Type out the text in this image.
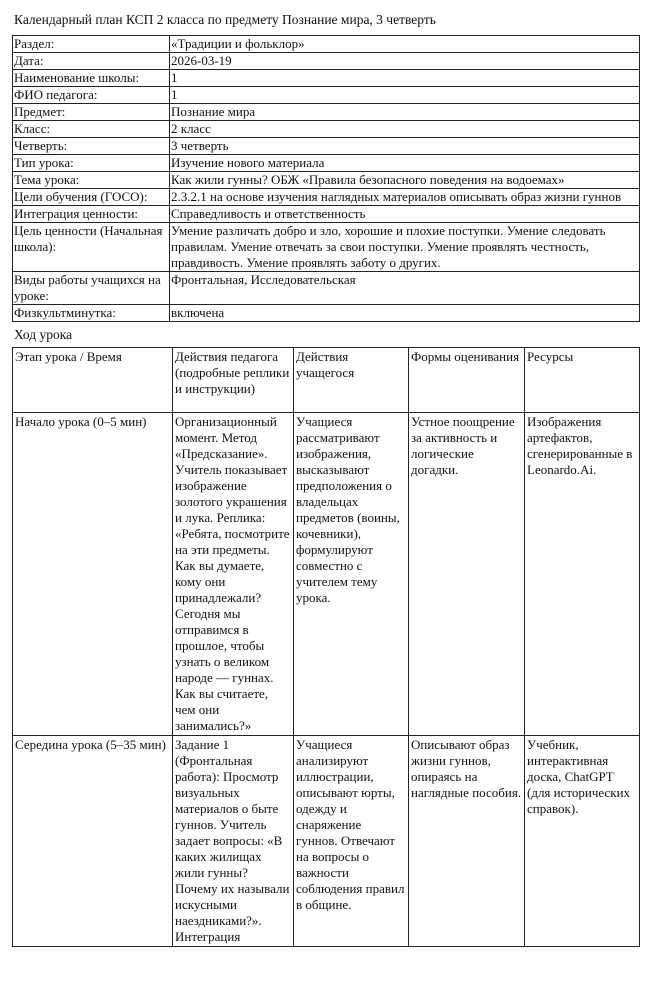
Календарный план КСП 2 класса по предмету Познание мира, 3 четверть
Раздел:	«Традиции и фольклор»
Дата:	2026-03-19
Наименование школы:	1
ФИО педагога:	1
Предмет:	Познание мира
Класс:	2 класс
Четверть:	3 четверть
Тип урока:	Изучение нового материала
Тема урока:	Как жили гунны? ОБЖ «Правила безопасного поведения на водоемах»
Цели обучения (ГОСО):	2.3.2.1 на основе изучения наглядных материалов описывать образ жизни гуннов
Интеграция ценности:	Справедливость и ответственность
Цель ценности (Начальная школа):	Умение различать добро и зло, хорошие и плохие поступки. Умение следовать правилам. Умение отвечать за свои поступки. Умение проявлять честность, правдивость. Умение проявлять заботу о других.
Виды работы учащихся на уроке:	Фронтальная, Исследовательская
Физкультминутка:	включена
Ход урока
Этап урока / Время	Действия педагога (подробные реплики и инструкции)	Действия учащегося	Формы оценивания	Ресурсы
Начало урока (0–5 мин)	Организационный момент. Метод «Предсказание». Учитель показывает изображение золотого украшения и лука. Реплика: «Ребята, посмотрите на эти предметы. Как вы думаете, кому они принадлежали? Сегодня мы отправимся в прошлое, чтобы узнать о великом народе — гуннах. Как вы считаете, чем они занимались?»	Учащиеся рассматривают изображения, высказывают предположения о владельцах предметов (воины, кочевники), формулируют совместно с учителем тему урока.	Устное поощрение за активность и логические догадки.	Изображения артефактов, сгенерированные в Leonardo.Ai.
Середина урока (5–35 мин)	Задание 1 (Фронтальная работа): Просмотр визуальных материалов о быте гуннов. Учитель задает вопросы: «В каких жилищах жили гунны? Почему их называли искусными наездниками?». Интеграция	Учащиеся анализируют иллюстрации, описывают юрты, одежду и снаряжение гуннов. Отвечают на вопросы о важности соблюдения правил в общине.	Описывают образ жизни гуннов, опираясь на наглядные пособия.	Учебник, интерактивная доска, ChatGPT (для исторических справок).
